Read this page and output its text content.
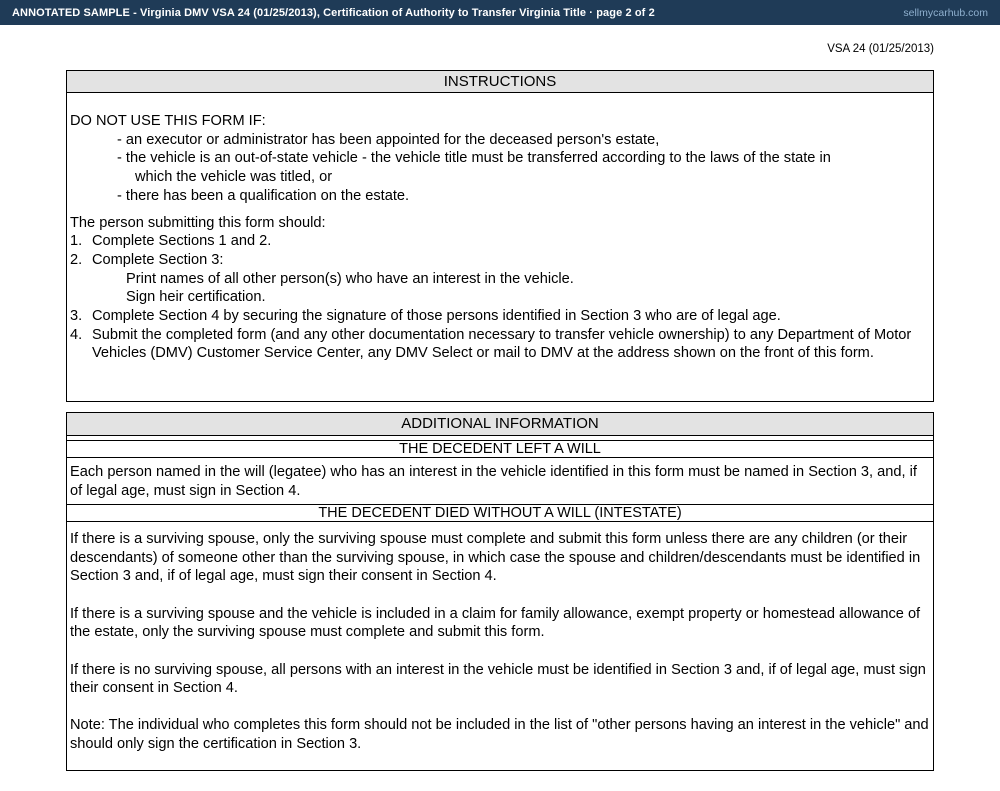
ANNOTATED SAMPLE - Virginia DMV VSA 24 (01/25/2013), Certification of Authority to Transfer Virginia Title · page 2 of 2	sellmycarhub.com
VSA 24 (01/25/2013)
INSTRUCTIONS
DO NOT USE THIS FORM IF:
- an executor or administrator has been appointed for the deceased person's estate,
- the vehicle is an out-of-state vehicle - the vehicle title must be transferred according to the laws of the state in
which the vehicle was titled, or
- there has been a qualification on the estate.
The person submitting this form should:
1. Complete Sections 1 and 2.
2. Complete Section 3:
Print names of all other person(s) who have an interest in the vehicle.
Sign heir certification.
3. Complete Section 4 by securing the signature of those persons identified in Section 3 who are of legal age.
4. Submit the completed form (and any other documentation necessary to transfer vehicle ownership) to any Department of Motor Vehicles (DMV) Customer Service Center, any DMV Select or mail to DMV at the address shown on the front of this form.
ADDITIONAL INFORMATION
THE DECEDENT LEFT A WILL
Each person named in the will (legatee) who has an interest in the vehicle identified in this form must be named in Section 3, and, if of legal age, must sign in Section 4.
THE DECEDENT DIED WITHOUT A WILL (INTESTATE)

If there is a surviving spouse, only the surviving spouse must complete and submit this form unless there are any children (or their descendants) of someone other than the surviving spouse, in which case the spouse and children/descendants must be identified in Section 3 and, if of legal age, must sign their consent in Section 4.

If there is a surviving spouse and the vehicle is included in a claim for family allowance, exempt property or homestead allowance of the estate, only the surviving spouse must complete and submit this form.

If there is no surviving spouse, all persons with an interest in the vehicle must be identified in Section 3 and, if of legal age, must sign their consent in Section 4.

Note: The individual who completes this form should not be included in the list of "other persons having an interest in the vehicle" and should only sign the certification in Section 3.
